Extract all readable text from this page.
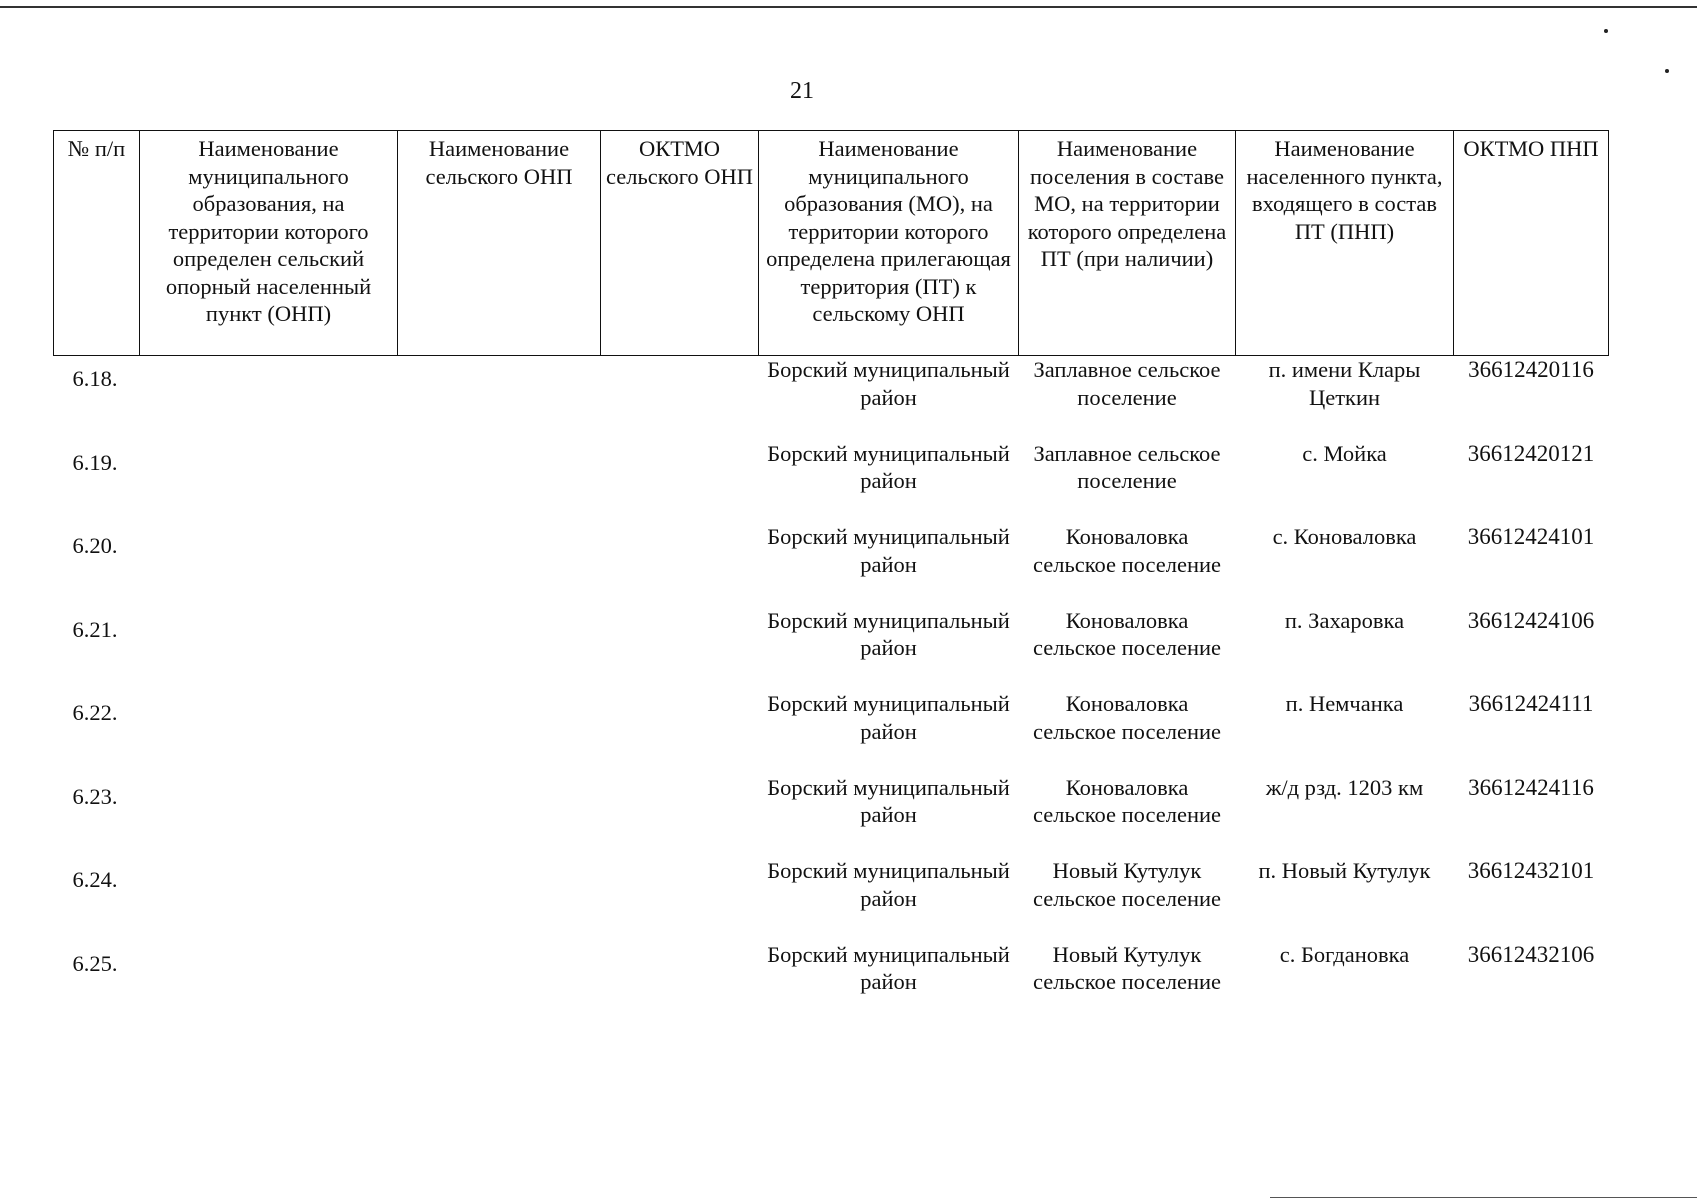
21
№ п/п	Наименование муниципального образования, на территории которого определен сельский опорный населенный пункт (ОНП)	Наименование сельского ОНП	ОКТМО сельского ОНП	Наименование муниципального образования (МО), на территории которого определена прилегающая территория (ПТ) к сельскому ОНП	Наименование поселения в составе МО, на территории которого определена ПТ (при наличии)	Наименование населенного пункта, входящего в состав ПТ (ПНП)	ОКТМО ПНП
6.18.				Борский муниципальный район	Заплавное сельское поселение	п. имени Клары Цеткин	36612420116
6.19.				Борский муниципальный район	Заплавное сельское поселение	с. Мойка	36612420121
6.20.				Борский муниципальный район	Коноваловка сельское поселение	с. Коноваловка	36612424101
6.21.				Борский муниципальный район	Коноваловка сельское поселение	п. Захаровка	36612424106
6.22.				Борский муниципальный район	Коноваловка сельское поселение	п. Немчанка	36612424111
6.23.				Борский муниципальный район	Коноваловка сельское поселение	ж/д рзд. 1203 км	36612424116
6.24.				Борский муниципальный район	Новый Кутулук сельское поселение	п. Новый Кутулук	36612432101
6.25.				Борский муниципальный район	Новый Кутулук сельское поселение	с. Богдановка	36612432106
